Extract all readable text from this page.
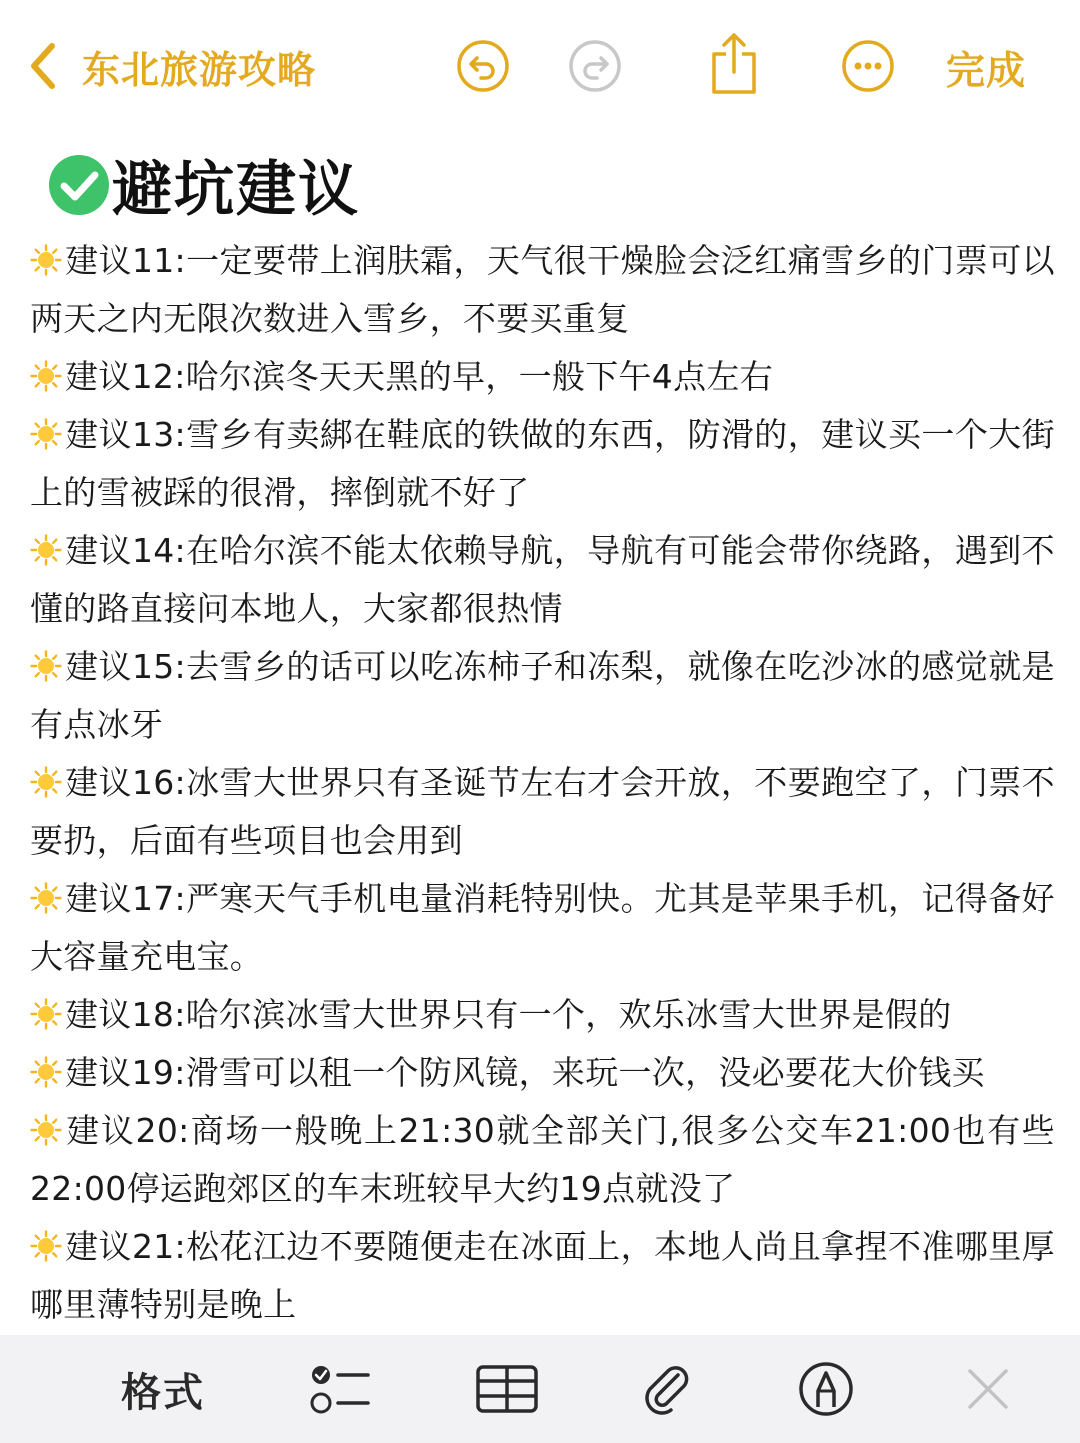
东北旅游攻略	完成
避坑建议
建议11:一定要带上润肤霜，天气很干燥脸会泛红痛雪乡的门票可以两天之内无限次数进入雪乡，不要买重复
建议12:哈尔滨冬天天黑的早，一般下午4点左右
建议13:雪乡有卖綁在鞋底的铁做的东西，防滑的，建议买一个大街上的雪被踩的很滑，摔倒就不好了
建议14:在哈尔滨不能太依赖导航，导航有可能会带你绕路，遇到不懂的路直接问本地人，大家都很热情
建议15:去雪乡的话可以吃冻柿子和冻梨，就像在吃沙冰的感觉就是有点冰牙
建议16:冰雪大世界只有圣诞节左右才会开放，不要跑空了，门票不要扔，后面有些项目也会用到
建议17:严寒天气手机电量消耗特别快。尤其是苹果手机，记得备好大容量充电宝。
建议18:哈尔滨冰雪大世界只有一个，欢乐冰雪大世界是假的
建议19:滑雪可以租一个防风镜，来玩一次，没必要花大价钱买
建议20:商场一般晚上21:30就全部关门,很多公交车21:00也有些22:00停运跑郊区的车末班较早大约19点就没了
建议21:松花江边不要随便走在冰面上，本地人尚且拿捏不准哪里厚哪里薄特别是晚上
格式
